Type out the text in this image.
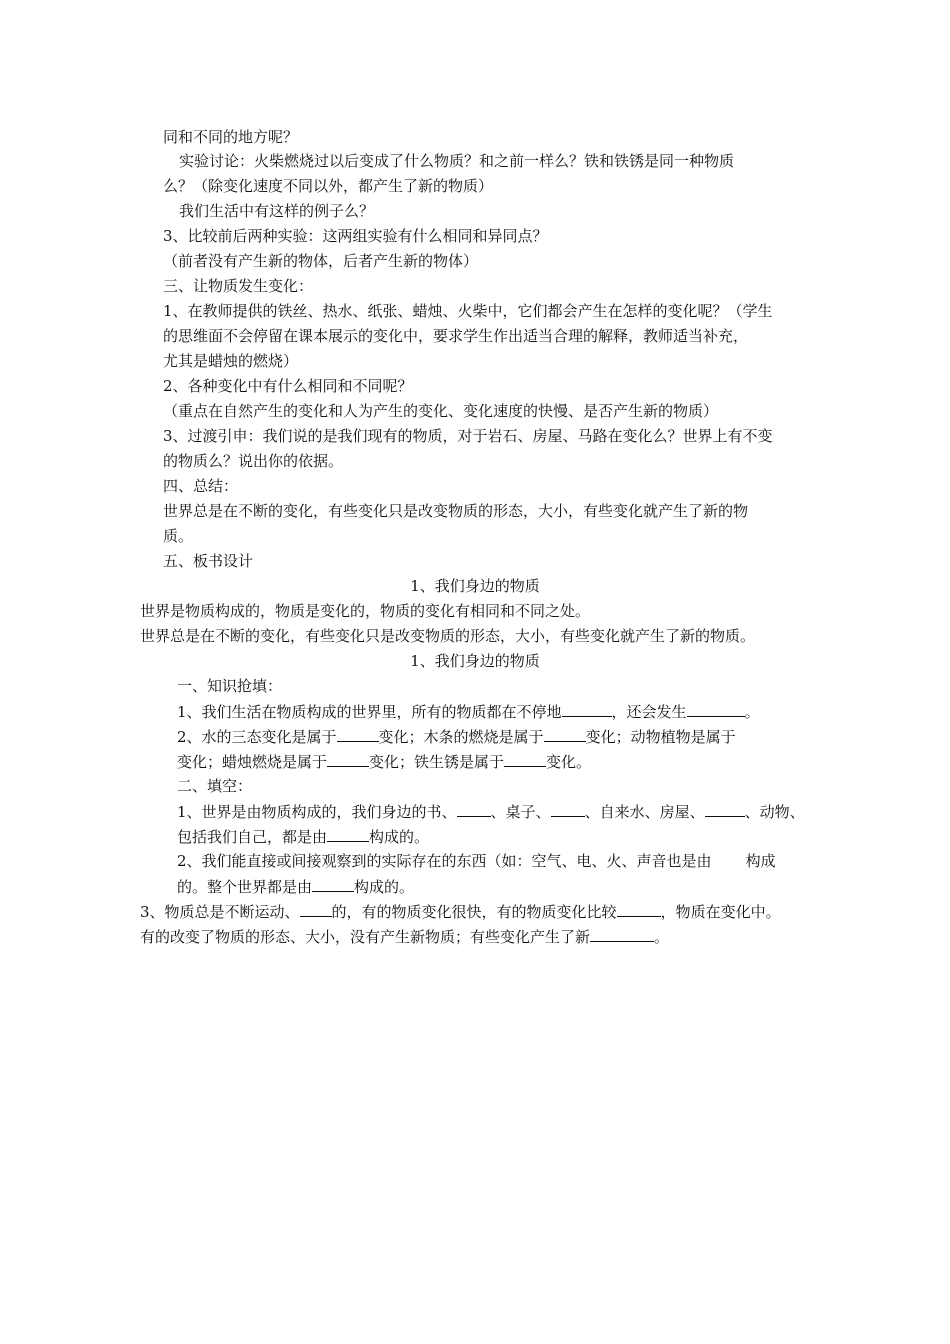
同和不同的地方呢？

实验讨论：火柴燃烧过以后变成了什么物质？和之前一样么？铁和铁锈是同一种物质

么？（除变化速度不同以外，都产生了新的物质）

我们生活中有这样的例子么？

3、比较前后两种实验：这两组实验有什么相同和异同点？

（前者没有产生新的物体，后者产生新的物体）

三、让物质发生变化：

1、在教师提供的铁丝、热水、纸张、蜡烛、火柴中，它们都会产生在怎样的变化呢？（学生

的思维面不会停留在课本展示的变化中，要求学生作出适当合理的解释，教师适当补充，

尤其是蜡烛的燃烧）

2、各种变化中有什么相同和不同呢？

（重点在自然产生的变化和人为产生的变化、变化速度的快慢、是否产生新的物质）

3、过渡引申：我们说的是我们现有的物质，对于岩石、房屋、马路在变化么？世界上有不变

的物质么？说出你的依据。

四、总结：

世界总是在不断的变化，有些变化只是改变物质的形态，大小，有些变化就产生了新的物

质。

五、板书设计

1、我们身边的物质

世界是物质构成的，物质是变化的，物质的变化有相同和不同之处。

世界总是在不断的变化，有些变化只是改变物质的形态，大小，有些变化就产生了新的物质。

1、我们身边的物质

一、知识抢填：

1、我们生活在物质构成的世界里，所有的物质都在不停地	，还会发生	。

2、水的三态变化是属于	变化；木条的燃烧是属于	变化；动物植物是属于

变化；蜡烛燃烧是属于	变化；铁生锈是属于	变化。

二、填空：

1、世界是由物质构成的，我们身边的书、 、桌子、 、自来水、房屋、	、动物、

包括我们自己，都是由	构成的。

2、我们能直接或间接观察到的实际存在的东西（如：空气、电、火、声音也是由 构成

的。整个世界都是由	构成的。

3、物质总是不断运动、 的，有的物质变化很快，有的物质变化比较	，物质在变化中。

有的改变了物质的形态、大小，没有产生新物质；有些变化产生了新	。
